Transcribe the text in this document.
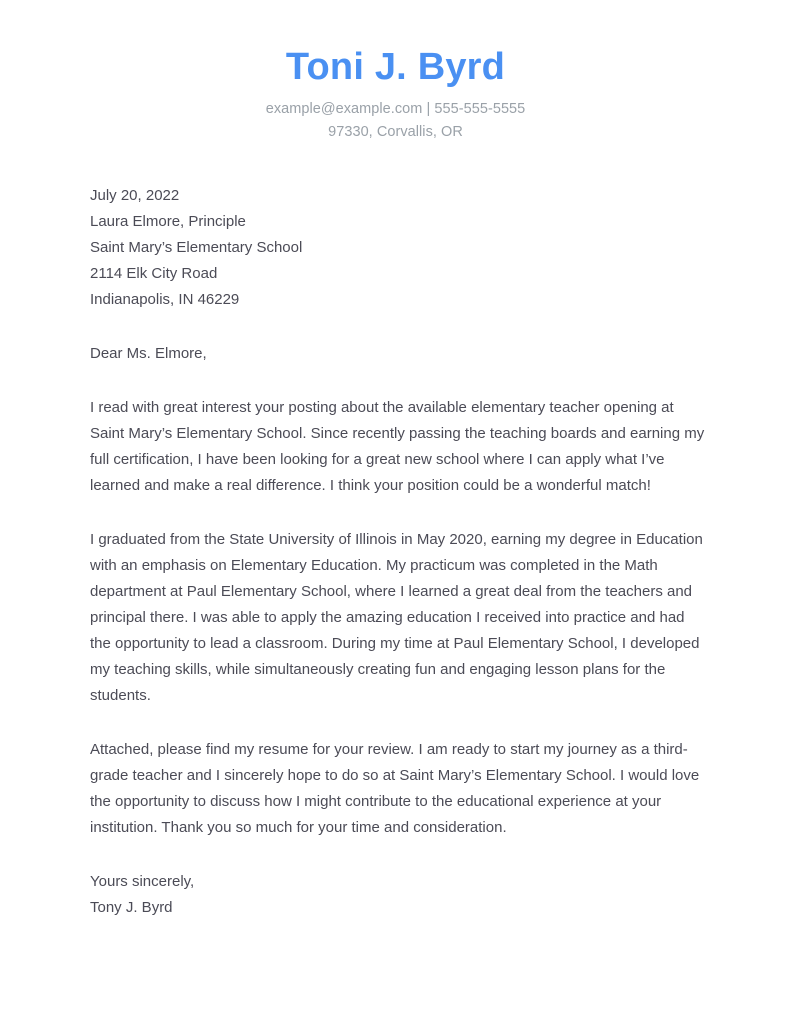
Toni J. Byrd

example@example.com | 555-555-5555

97330, Corvallis, OR

July 20, 2022

Laura Elmore, Principle

Saint Mary’s Elementary School

2114 Elk City Road

Indianapolis, IN 46229

Dear Ms. Elmore,

I read with great interest your posting about the available elementary teacher opening at Saint Mary’s Elementary School. Since recently passing the teaching boards and earning my full certification, I have been looking for a great new school where I can apply what I’ve learned and make a real difference. I think your position could be a wonderful match!

I graduated from the State University of Illinois in May 2020, earning my degree in Education with an emphasis on Elementary Education. My practicum was completed in the Math department at Paul Elementary School, where I learned a great deal from the teachers and principal there. I was able to apply the amazing education I received into practice and had the opportunity to lead a classroom. During my time at Paul Elementary School, I developed my teaching skills, while simultaneously creating fun and engaging lesson plans for the students.

Attached, please find my resume for your review. I am ready to start my journey as a third-grade teacher and I sincerely hope to do so at Saint Mary’s Elementary School. I would love the opportunity to discuss how I might contribute to the educational experience at your institution. Thank you so much for your time and consideration.

Yours sincerely,

Tony J. Byrd
